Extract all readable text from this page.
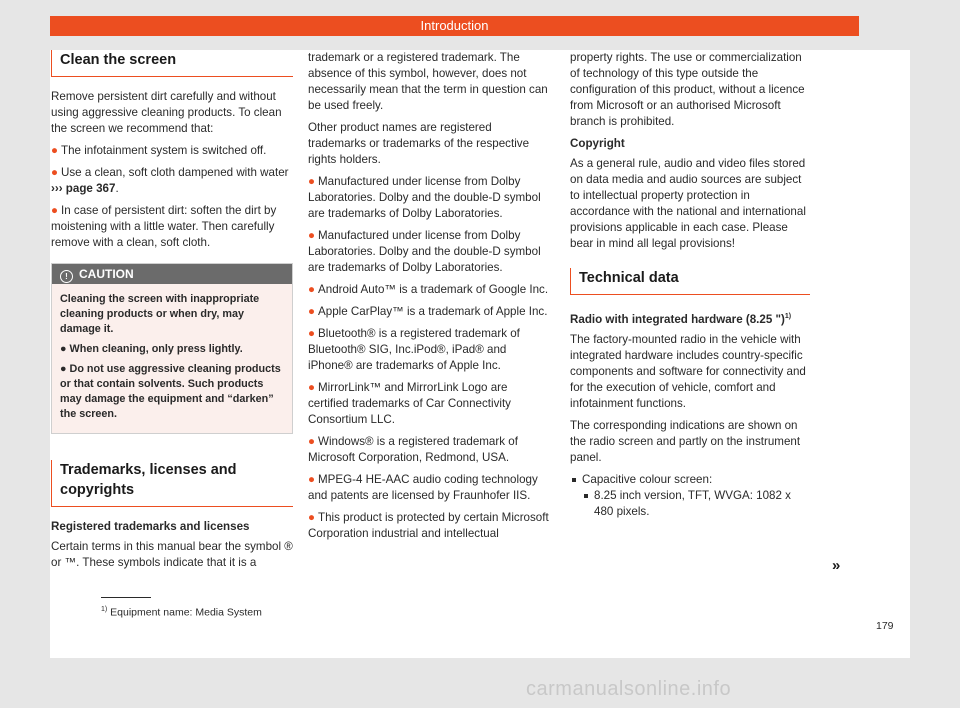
Introduction
Clean the screen

Remove persistent dirt carefully and without using aggressive cleaning products. To clean the screen we recommend that:

● The infotainment system is switched off.
● Use a clean, soft cloth dampened with water ››› page 367.
● In case of persistent dirt: soften the dirt by moistening with a little water. Then carefully remove with a clean, soft cloth.
! CAUTION

Cleaning the screen with inappropriate cleaning products or when dry, may damage it.

● When cleaning, only press lightly.

● Do not use aggressive cleaning products or that contain solvents. Such products may damage the equipment and “darken” the screen.

Trademarks, licenses and copyrights

Registered trademarks and licenses

Certain terms in this manual bear the symbol ® or ™. These symbols indicate that it is a

trademark or a registered trademark. The absence of this symbol, however, does not necessarily mean that the term in question can be used freely.

Other product names are registered trademarks or trademarks of the respective rights holders.

● Manufactured under license from Dolby Laboratories. Dolby and the double-D symbol are trademarks of Dolby Laboratories.
● Manufactured under license from Dolby Laboratories. Dolby and the double-D symbol are trademarks of Dolby Laboratories.
● Android Auto™ is a trademark of Google Inc.
● Apple CarPlay™ is a trademark of Apple Inc.
● Bluetooth® is a registered trademark of Bluetooth® SIG, Inc.iPod®, iPad® and iPhone® are trademarks of Apple Inc.
● MirrorLink™ and MirrorLink Logo are certified trademarks of Car Connectivity Consortium LLC.
● Windows® is a registered trademark of Microsoft Corporation, Redmond, USA.
● MPEG-4 HE-AAC audio coding technology and patents are licensed by Fraunhofer IIS.
● This product is protected by certain Microsoft Corporation industrial and intellectual

property rights. The use or commercialization of technology of this type outside the configuration of this product, without a licence from Microsoft or an authorised Microsoft branch is prohibited.

Copyright

As a general rule, audio and video files stored on data media and audio sources are subject to intellectual property protection in accordance with the national and international provisions applicable in each case. Please bear in mind all legal provisions!

Technical data

Radio with integrated hardware (8.25 ")$^{1)}$

The factory-mounted radio in the vehicle with integrated hardware includes country-specific components and software for connectivity and for the execution of vehicle, comfort and infotainment functions.

The corresponding indications are shown on the radio screen and partly on the instrument panel.

Capacitive colour screen:
8.25 inch version, TFT, WVGA: 1082 x 480 pixels.
»
$^{1)}$ Equipment name: Media System
179
carmanualsonline.info
